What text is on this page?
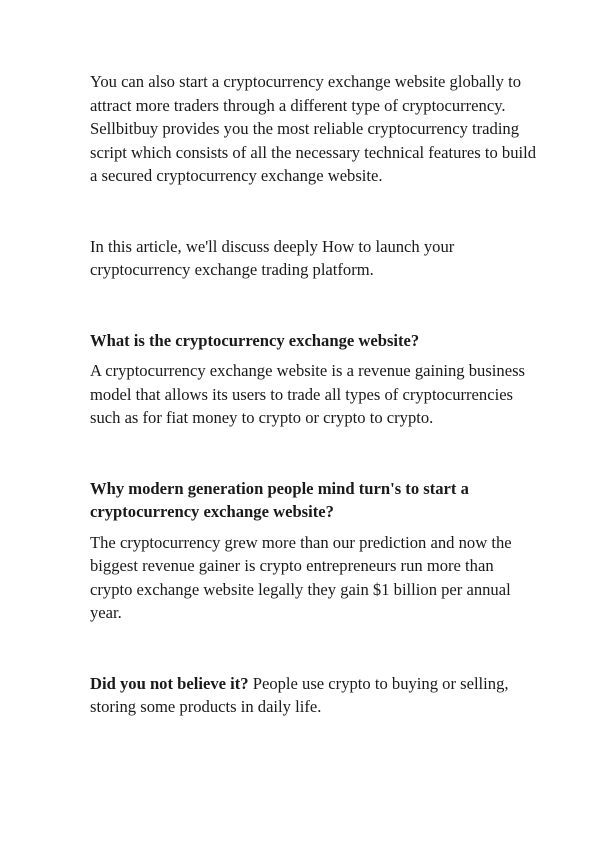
You can also start a cryptocurrency exchange website globally to attract more traders through a different type of cryptocurrency. Sellbitbuy provides you the most reliable cryptocurrency trading script which consists of all the necessary technical features to build a secured cryptocurrency exchange website.

In this article, we'll discuss deeply How to launch your cryptocurrency exchange trading platform.

What is the cryptocurrency exchange website?

A cryptocurrency exchange website is a revenue gaining business model that allows its users to trade all types of cryptocurrencies such as for fiat money to crypto or crypto to crypto.

Why modern generation people mind turn's to start a cryptocurrency exchange website?

The cryptocurrency grew more than our prediction and now the biggest revenue gainer is crypto entrepreneurs run more than crypto exchange website legally they gain $1 billion per annual year.

Did you not believe it? People use crypto to buying or selling, storing some products in daily life.
